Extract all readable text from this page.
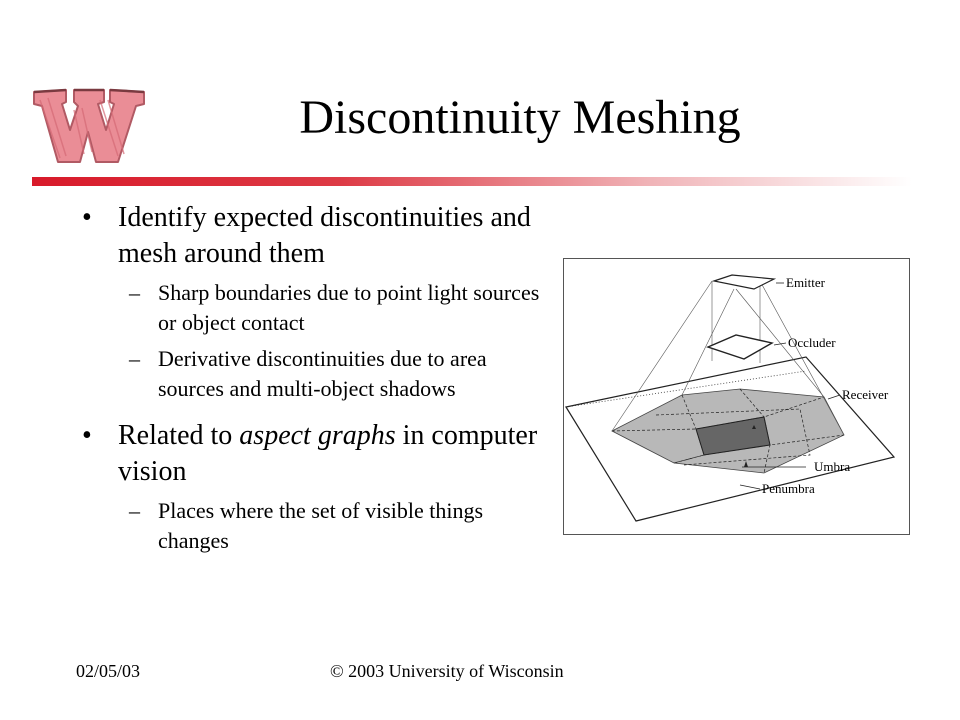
Discontinuity Meshing
• Identify expected discontinuities and mesh around them
– Sharp boundaries due to point light sources or object contact
– Derivative discontinuities due to area sources and multi-object shadows
• Related to aspect graphs in computer vision
– Places where the set of visible things changes
Emitter
Occluder
Receiver
Umbra
Penumbra
02/05/03	© 2003 University of Wisconsin
